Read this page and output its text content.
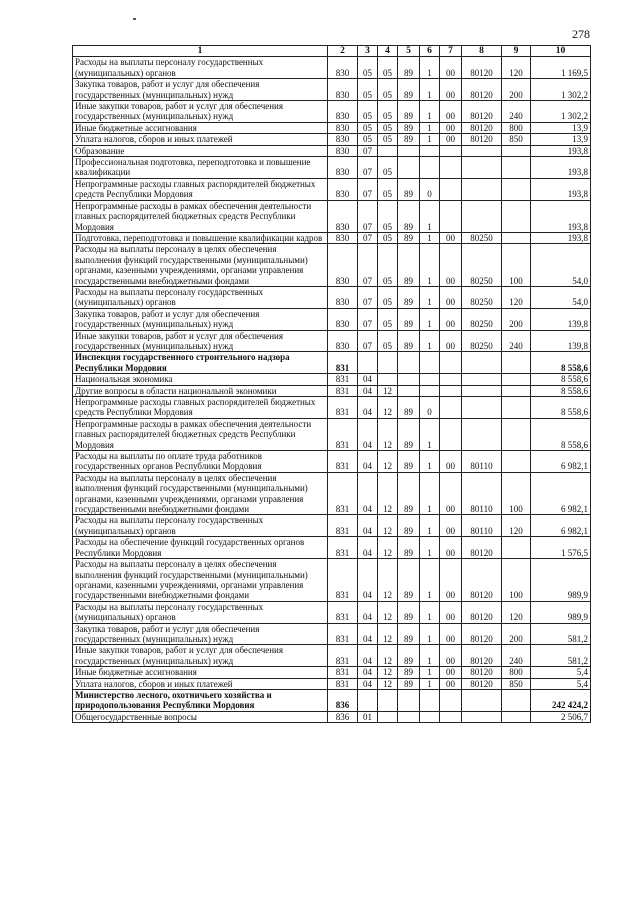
278
1	2	3	4	5	6	7	8	9	10
Расходы на выплаты персоналу государственных (муниципальных) органов	830	05	05	89	1	00	80120	120	1 169,5
Закупка товаров, работ и услуг для обеспечения государственных (муниципальных) нужд	830	05	05	89	1	00	80120	200	1 302,2
Иные закупки товаров, работ и услуг для обеспечения государственных (муниципальных) нужд	830	05	05	89	1	00	80120	240	1 302,2
Иные бюджетные ассигнования	830	05	05	89	1	00	80120	800	13,9
Уплата налогов, сборов и иных платежей	830	05	05	89	1	00	80120	850	13,9
Образование	830	07							193,8
Профессиональная подготовка, переподготовка и повышение квалификации	830	07	05						193,8
Непрограммные расходы главных распорядителей бюджетных средств Республики Мордовия	830	07	05	89	0				193,8
Непрограммные расходы в рамках обеспечения деятельности главных распорядителей бюджетных средств Республики Мордовия	830	07	05	89	1				193,8
Подготовка, переподготовка и повышение квалификации кадров	830	07	05	89	1	00	80250		193,8
Расходы на выплаты персоналу в целях обеспечения выполнения функций государственными (муниципальными) органами, казенными учреждениями, органами управления государственными внебюджетными фондами	830	07	05	89	1	00	80250	100	54,0
Расходы на выплаты персоналу государственных (муниципальных) органов	830	07	05	89	1	00	80250	120	54,0
Закупка товаров, работ и услуг для обеспечения государственных (муниципальных) нужд	830	07	05	89	1	00	80250	200	139,8
Иные закупки товаров, работ и услуг для обеспечения государственных (муниципальных) нужд	830	07	05	89	1	00	80250	240	139,8
Инспекция государственного строительного надзора Республики Мордовия	831								8 558,6
Национальная экономика	831	04							8 558,6
Другие вопросы в области национальной экономики	831	04	12						8 558,6
Непрограммные расходы главных распорядителей бюджетных средств Республики Мордовия	831	04	12	89	0				8 558,6
Непрограммные расходы в рамках обеспечения деятельности главных распорядителей бюджетных средств Республики Мордовия	831	04	12	89	1				8 558,6
Расходы на выплаты по оплате труда работников государственных органов Республики Мордовия	831	04	12	89	1	00	80110		6 982,1
Расходы на выплаты персоналу в целях обеспечения выполнения функций государственными (муниципальными) органами, казенными учреждениями, органами управления государственными внебюджетными фондами	831	04	12	89	1	00	80110	100	6 982,1
Расходы на выплаты персоналу государственных (муниципальных) органов	831	04	12	89	1	00	80110	120	6 982,1
Расходы на обеспечение функций государственных органов Республики Мордовия	831	04	12	89	1	00	80120		1 576,5
Расходы на выплаты персоналу в целях обеспечения выполнения функций государственными (муниципальными) органами, казенными учреждениями, органами управления государственными внебюджетными фондами	831	04	12	89	1	00	80120	100	989,9
Расходы на выплаты персоналу государственных (муниципальных) органов	831	04	12	89	1	00	80120	120	989,9
Закупка товаров, работ и услуг для обеспечения государственных (муниципальных) нужд	831	04	12	89	1	00	80120	200	581,2
Иные закупки товаров, работ и услуг для обеспечения государственных (муниципальных) нужд	831	04	12	89	1	00	80120	240	581,2
Иные бюджетные ассигнования	831	04	12	89	1	00	80120	800	5,4
Уплата налогов, сборов и иных платежей	831	04	12	89	1	00	80120	850	5,4
Министерство лесного, охотничьего хозяйства и природопользования Республики Мордовия	836								242 424,2
Общегосударственные вопросы	836	01							2 506,7
